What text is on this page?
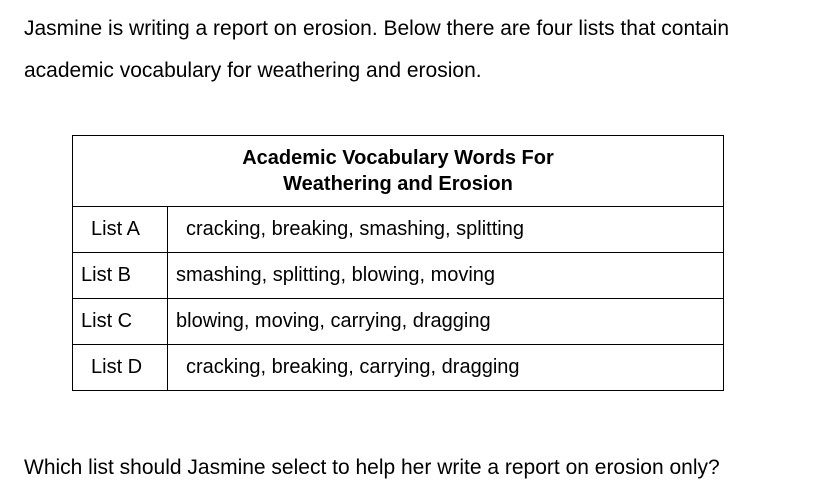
Jasmine is writing a report on erosion. Below there are four lists that contain academic vocabulary for weathering and erosion.

Academic Vocabulary Words For
Weathering and Erosion	

List A	cracking, breaking, smashing, splitting
List B	smashing, splitting, blowing, moving
List C	blowing, moving, carrying, dragging
List D	cracking, breaking, carrying, dragging

Which list should Jasmine select to help her write a report on erosion only?
